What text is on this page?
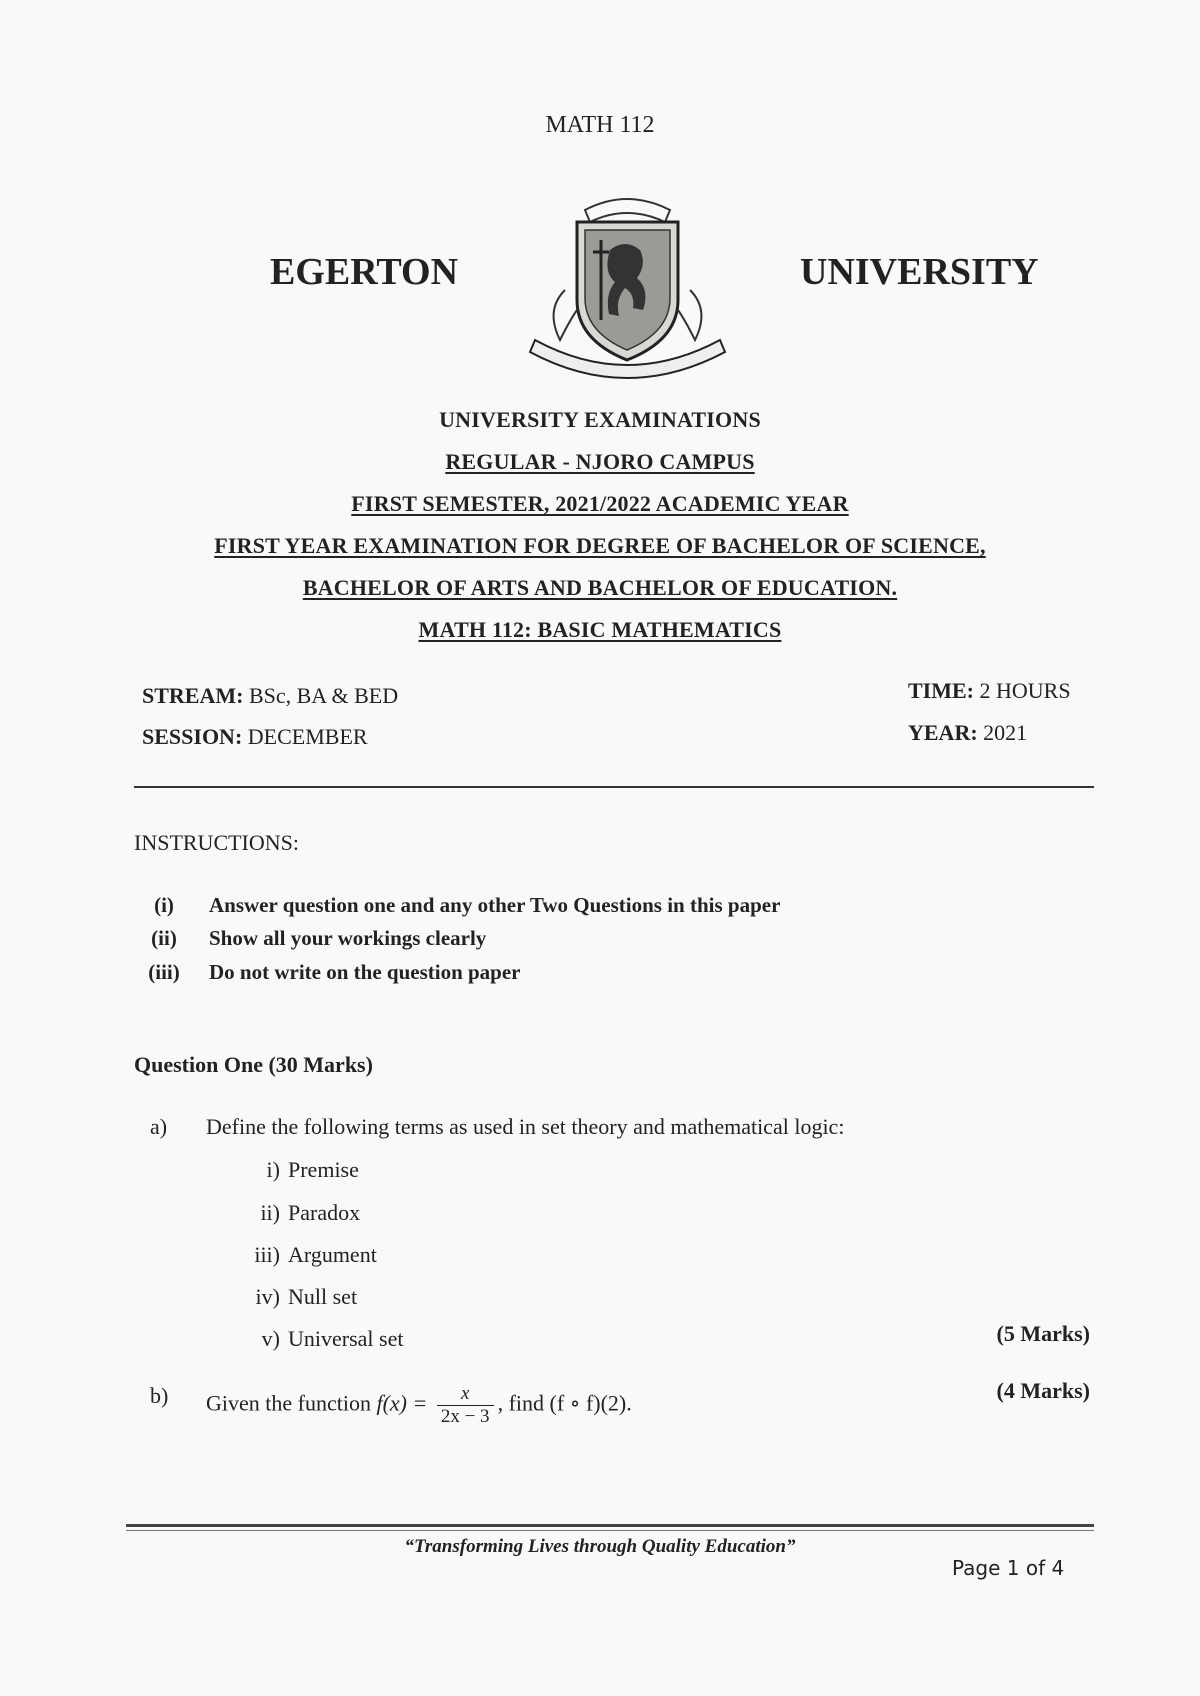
MATH 112
EGERTON	UNIVERSITY
UNIVERSITY EXAMINATIONS
REGULAR - NJORO CAMPUS
FIRST SEMESTER, 2021/2022 ACADEMIC YEAR
FIRST YEAR EXAMINATION FOR DEGREE OF BACHELOR OF SCIENCE,
BACHELOR OF ARTS AND BACHELOR OF EDUCATION.
MATH 112: BASIC MATHEMATICS
STREAM: BSc, BA & BED
SESSION: DECEMBER
TIME: 2 HOURS
YEAR: 2021
INSTRUCTIONS:
(i)	Answer question one and any other Two Questions in this paper
(ii)	Show all your workings clearly
(iii)	Do not write on the question paper
Question One (30 Marks)
a) Define the following terms as used in set theory and mathematical logic:
i) Premise
ii) Paradox
iii) Argument
iv) Null set
v) Universal set	(5 Marks)
b) Given the function $f(x) = \frac{x}{2x - 3}$ , find (f ∘ f)(2).
(4 Marks)
“Transforming Lives through Quality Education”
Page 1 of 4
